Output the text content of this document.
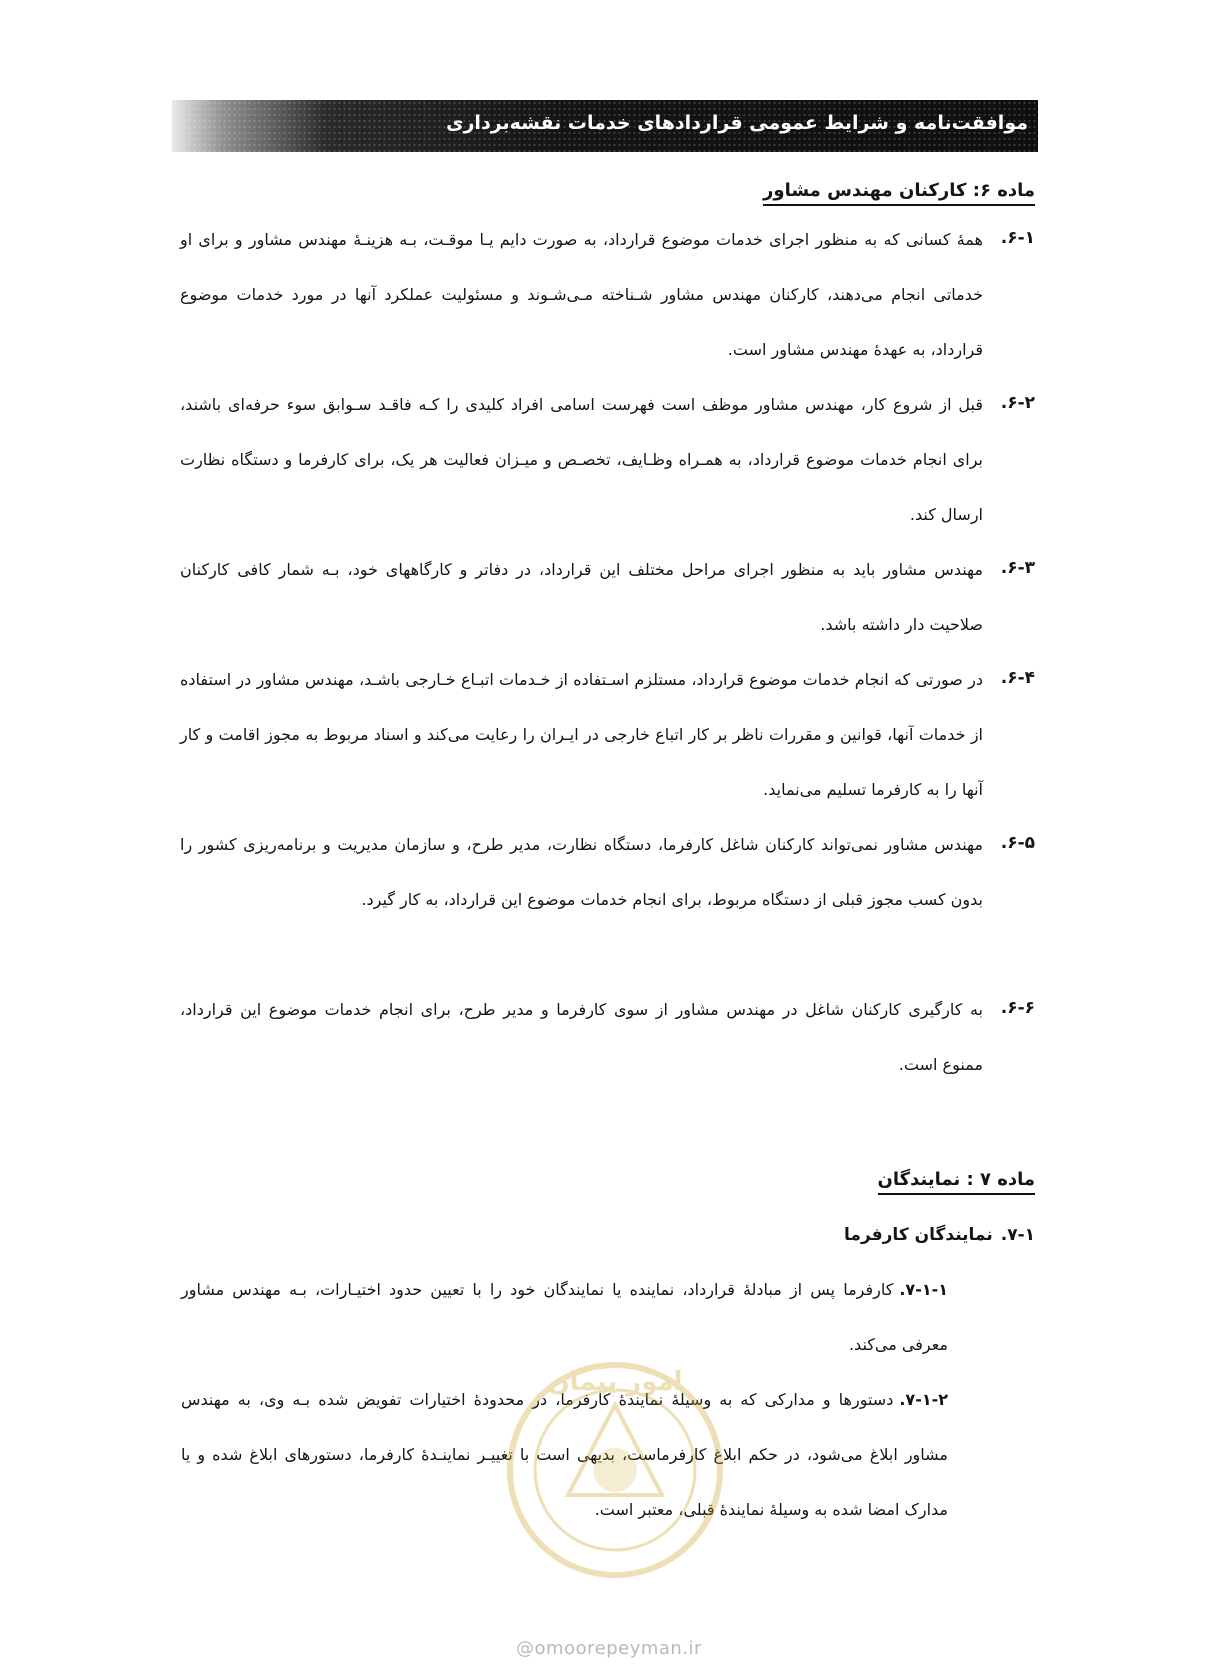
موافقت‌نامه و شرایط عمومی قراردادهای خدمات نقشه‌برداری
ماده ۶: کارکنان مهندس مشاور
۶-۱.
همهٔ کسانی که به منظور اجرای خدمات موضوع قرارداد، به صورت دایم یـا موقـت، بـه هزینـهٔ مهندس مشاور و برای او خدماتی انجام می‌دهند، کارکنان مهندس مشاور شـناخته مـی‌شـوند و مسئولیت عملکرد آنها در مورد خدمات موضوع قرارداد، به عهدهٔ مهندس مشاور است.
۶-۲.
قبل از شروع کار، مهندس مشاور موظف است فهرست اسامی افراد کلیدی را کـه فاقـد سـوابق سوء حرفه‌ای باشند، برای انجام خدمات موضوع قرارداد، به همـراه وظـایف، تخصـص و میـزان فعالیت هر یک، برای کارفرما و دستگاه نظارت ارسال کند.
۶-۳.
مهندس مشاور باید به منظور اجرای مراحل مختلف این قرارداد، در دفاتر و کارگاههای خود، بـه شمار کافی کارکنان صلاحیت دار داشته باشد.
۶-۴.
در صورتی که انجام خدمات موضوع قرارداد، مستلزم اسـتفاده از خـدمات اتبـاع خـارجی باشـد، مهندس مشاور در استفاده از خدمات آنها، قوانین و مقررات ناظر بر کار اتباع خارجی در ایـران را رعایت می‌کند و اسناد مربوط به مجوز اقامت و کار آنها را به کارفرما تسلیم می‌نماید.
۶-۵.
مهندس مشاور نمی‌تواند کارکنان شاغل کارفرما، دستگاه نظارت، مدیر طرح، و سازمان مدیریت و برنامه‌ریزی کشور را بدون کسب مجوز قبلی از دستگاه مربوط، برای انجام خدمات موضوع این قرارداد، به کار گیرد.
۶-۶.
به کارگیری کارکنان شاغل در مهندس مشاور از سوی کارفرما و مدیر طرح، برای انجام خدمات موضوع این قرارداد، ممنوع است.
ماده ۷ : نمایندگان
۷-۱.نمایندگان کارفرما
۷-۱-۱.کارفرما پس از مبادلهٔ قرارداد، نماینده یا نمایندگان خود را با تعیین حدود اختیـارات، بـه مهندس مشاور معرفی می‌کند.
۷-۱-۲.دستورها و مدارکی که به وسیلهٔ نمایندهٔ کارفرما، در محدودهٔ اختیارات تفویض شده بـه وی، به مهندس مشاور ابلاغ می‌شود، در حکم ابلاغ کارفرماست، بدیهی است با تغییـر نماینـدهٔ کارفرما، دستورهای ابلاغ شده و یا مدارک امضا شده به وسیلهٔ نمایندهٔ قبلی، معتبر است.
امور پیمان
@omoorepeyman.ir
